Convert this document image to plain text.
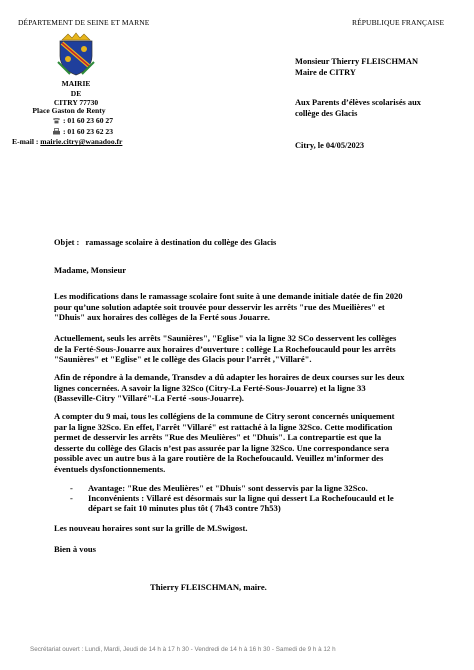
DÉPARTEMENT DE SEINE ET MARNE	RÉPUBLIQUE FRANÇAISE
MAIRIE
DE
CITRY 77730
Place Gaston de Renty
: 01 60 23 60 27
: 01 60 23 62 23
E-mail : mairie.citry@wanadoo.fr
Monsieur Thierry FLEISCHMAN
Maire de CITRY
Aux Parents d’élèves scolarisés aux
collège des Glacis
Citry, le 04/05/2023
Objet : ramassage scolaire à destination du collège des Glacis
Madame, Monsieur
Les modifications dans le ramassage scolaire font suite à une demande initiale datée de fin 2020
pour qu’une solution adaptée soit trouvée pour desservir les arrêts "rue des Mueilières" et
"Dhuis" aux horaires des collèges de la Ferté sous Jouarre.
Actuellement, seuls les arrêts "Saunières", "Eglise" via la ligne 32 SCo desservent les collèges
de la Ferté-Sous-Jouarre aux horaires d’ouverture : collège La Rochefoucauld pour les arrêts
"Saunières" et "Eglise" et le collège des Glacis pour l’arrêt ,"Villaré".
Afin de répondre à la demande, Transdev a dû adapter les horaires de deux courses sur les deux
lignes concernées. A savoir la ligne 32Sco (Citry-La Ferté-Sous-Jouarre) et la ligne 33
(Basseville-Citry "Villaré"-La Ferté -sous-Jouarre).
A compter du 9 mai, tous les collégiens de la commune de Citry seront concernés uniquement
par la ligne 32Sco. En effet, l'arrêt "Villaré" est rattaché à la ligne 32Sco. Cette modification
permet de desservir les arrêts "Rue des Meulières" et "Dhuis". La contrepartie est que la
desserte du collège des Glacis n’est pas assurée par la ligne 32Sco. Une correspondance sera
possible avec un autre bus à la gare routière de la Rochefoucauld. Veuillez m’informer des
éventuels dysfonctionnements.
- Avantage: "Rue des Meulières" et "Dhuis" sont desservis par la ligne 32Sco.
- Inconvénients : Villaré est désormais sur la ligne qui dessert La Rochefoucauld et le
départ se fait 10 minutes plus tôt ( 7h43 contre 7h53)
Les nouveau horaires sont sur la grille de M.Swigost.
Bien à vous
Thierry FLEISCHMAN, maire.
Secrétariat ouvert : Lundi, Mardi, Jeudi de 14 h à 17 h 30 - Vendredi de 14 h à 16 h 30 - Samedi de 9 h à 12 h
